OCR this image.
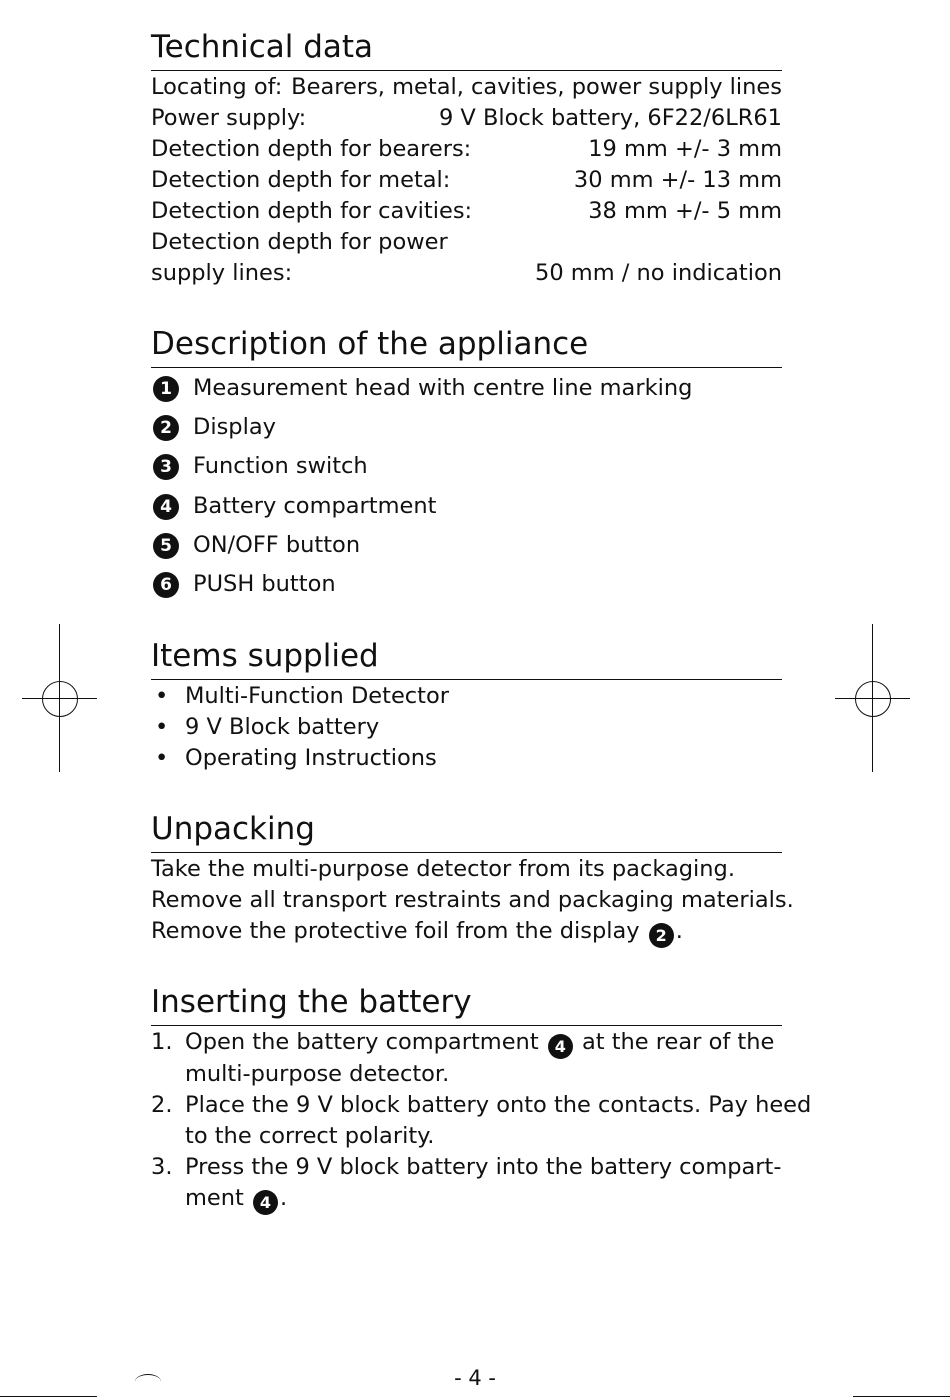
Technical data
Locating of: Bearers, metal, cavities, power supply lines
Power supply:	9 V Block battery, 6F22/6LR61
Detection depth for bearers:	19 mm +/- 3 mm
Detection depth for metal:	30 mm +/- 13 mm
Detection depth for cavities:	38 mm +/- 5 mm
Detection depth for power
supply lines:	50 mm / no indication
Description of the appliance
1 Measurement head with centre line marking
2 Display
3 Function switch
4 Battery compartment
5 ON/OFF button
6 PUSH button
Items supplied
• Multi-Function Detector
• 9 V Block battery
• Operating Instructions
Unpacking
Take the multi-purpose detector from its packaging.
Remove all transport restraints and packaging materials.
Remove the protective foil from the display 2 .
Inserting the battery
1. Open the battery compartment 4 at the rear of the
multi-purpose detector.
2. Place the 9 V block battery onto the contacts. Pay heed
to the correct polarity.
3. Press the 9 V block battery into the battery compart-
ment 4 .
- 4 -
